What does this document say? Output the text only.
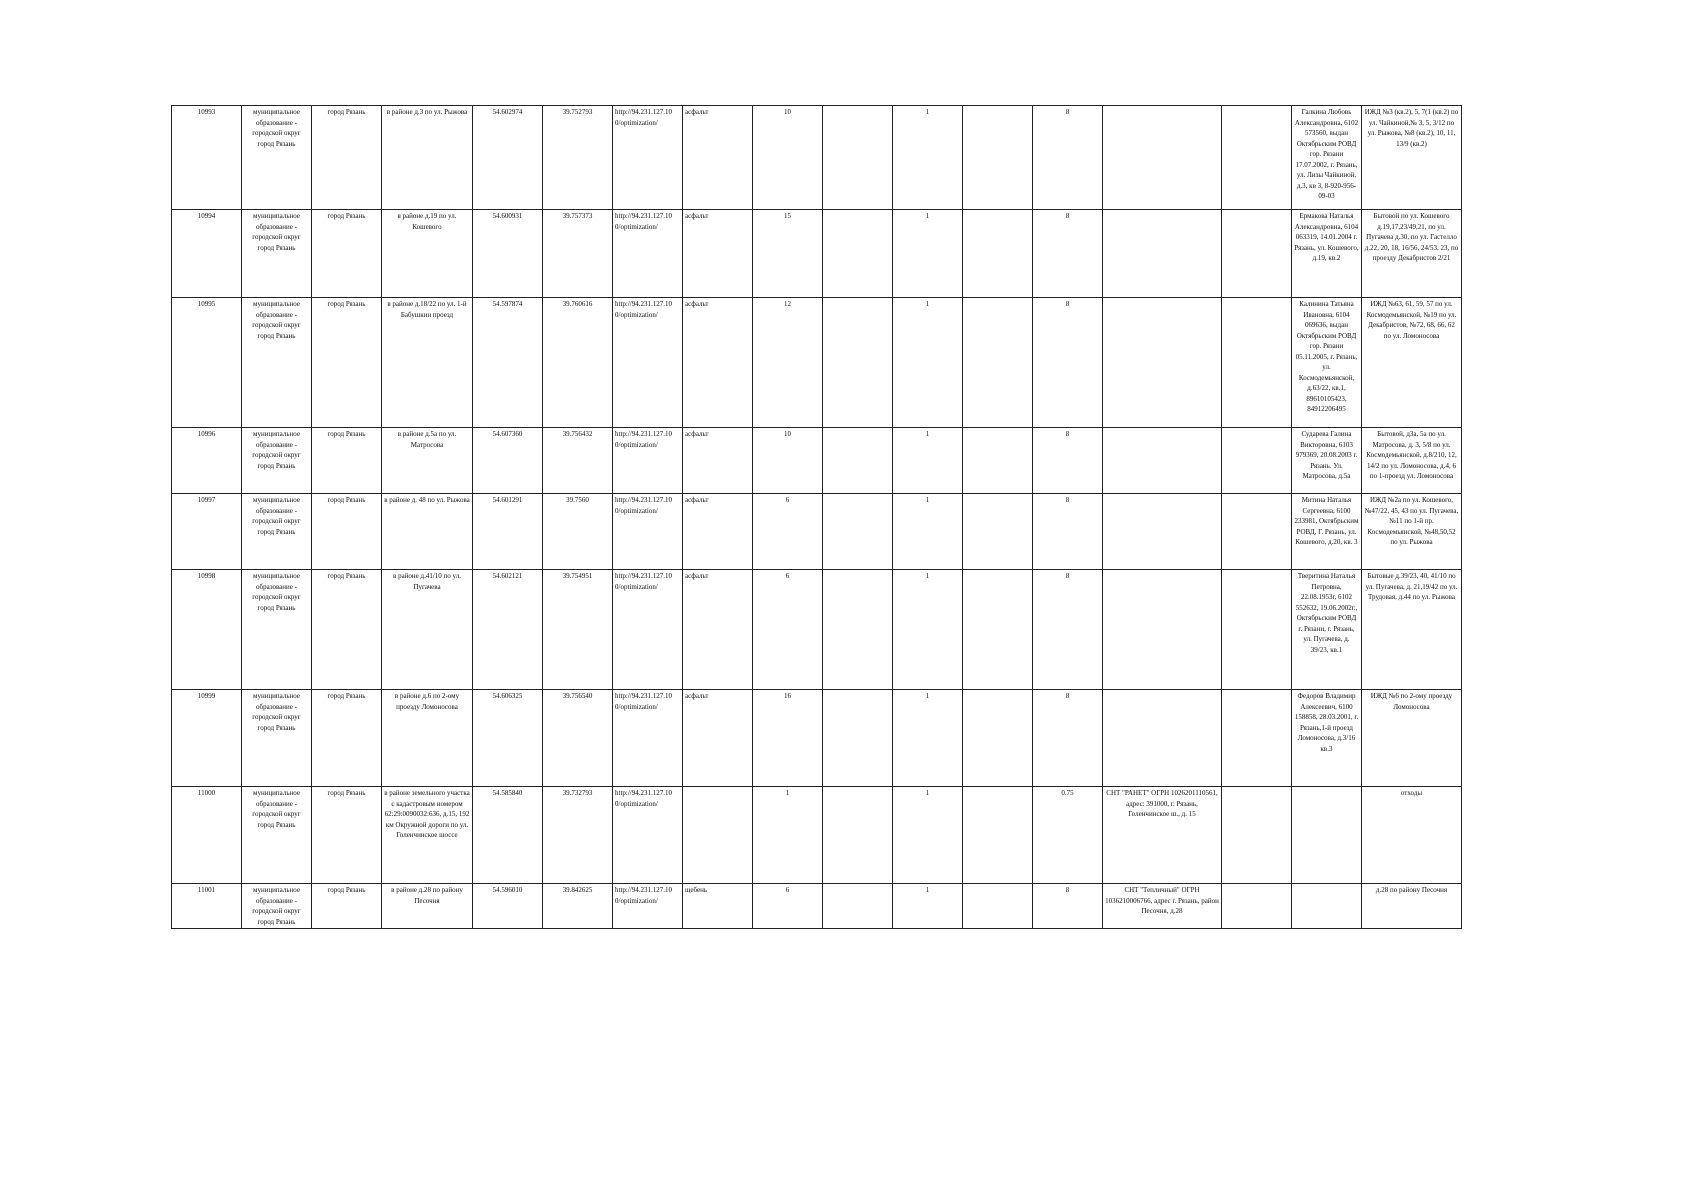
10993	муниципальное образование - городской округ город Рязань	город Рязань	в районе д.3 по ул. Рыжова	54.602974	39.752793	http://94.231.127.10 0/optimization/	асфальт	10		1		8			Галкина Любовь Александровна, 6102 573560, выдан Октябрьским РОВД гор. Рязани 17.07.2002, г. Рязань, ул. Лизы Чайкиной, д.3, кв 3, 8-920-956-09-03	ИЖД №3 (кв.2), 5, 7(1 (кв.2) по ул. Чайкиной,№ 3, 5, 3/12 по ул. Рыжова, №8 (кв.2), 10, 11, 13/9 (кв.2)
10994	муниципальное образование - городской округ город Рязань	город Рязань	в районе д.19 по ул. Кошевого	54.600931	39.757373	http://94.231.127.10 0/optimization/	асфальт	15		1		8			Ермакова Наталья Александровна, 6104 063319, 14.01.2004 г. Рязань, ул. Кошевого, д.19, кв.2	Бытовой по ул. Кошевого д.19,17,23/49,21, по ул. Пугачева д.30, по ул. Гастелло д.22, 20, 18, 16/56, 24/53, 23, по проезду Декабристов 2/21
10995	муниципальное образование - городской округ город Рязань	город Рязань	в районе д.18/22 по ул. 1-й Бабушкин проезд	54.597874	39.760616	http://94.231.127.10 0/optimization/	асфальт	12		1		8			Калинина Татьяна Ивановна, 6104 069636, выдан Октябрьским РОВД гор. Рязани 05.11.2005, г. Рязань, ул. Космодемьянской, д.63/22, кв.1, 89610105423, 84912206495	ИЖД №63, 61, 59, 57 по ул. Космодемьянской, №19 по ул. Декабристов, №72, 68, 66, 62 по ул. Ломоносова
10996	муниципальное образование - городской округ город Рязань	город Рязань	в районе д.5а по ул. Матросова	54.607360	39.756432	http://94.231.127.10 0/optimization/	асфальт	10		1		8			Сударева Галина Викторовна, 6103 979369, 20.08.2003 г. Рязань. Ул. Матросова, д.5а	Бытовой, д3а, 5а по ул. Матросова, д. 3, 5/8 по ул. Космодемьянской, д.8/210, 12, 14/2 по ул. Ломоносова, д.4, 6 по 1-проезд ул. Ломоносова
10997	муниципальное образование - городской округ город Рязань	город Рязань	в районе д. 48 по ул. Рыжова	54.601291	39.7560	http://94.231.127.10 0/optimization/	асфальт	6		1		8			Митина Наталья Сергеевна, 6100 233981, Октябрьским РОВД, Г. Рязань, ул. Кошевого, д.20, кв. 3	ИЖД №2а по ул. Кошевого, №47/22, 45, 43 по ул. Пугачева, №11 по 1-й пр. Космодемьянской, №48,50,52 по ул. Рыжова
10998	муниципальное образование - городской округ город Рязань	город Рязань	в районе д.41/10 по ул. Пугачева	54.602121	39.754951	http://94.231.127.10 0/optimization/	асфальт	6		1		8			Тверитина Наталья Петровна, 22.08.1953г, 6102 552632, 19.06.2002г., Октябрьским РОВД г. Рязани, г. Рязань, ул. Пугачева, д. 39/23, кв.1	Бытовые д.39/23, 40, 41/10 по ул. Пугачева, д. 21,19/42 по ул. Трудовая, д.44 по ул. Рыжова
10999	муниципальное образование - городской округ город Рязань	город Рязань	в районе д.6 по 2-ому проезду Ломоносова	54.606325	39.756540	http://94.231.127.10 0/optimization/	асфальт	16		1		8			Федоров Владимир Алексеевич, 6100 158858, 28.03.2001, г. Рязань,1-й проезд Ломоносова, д.3/16 кв.3	ИЖД №6 по 2-ому проезду Ломоносова
11000	муниципальное образование - городской округ город Рязань	город Рязань	в районе земельного участка с кадастровым номером 62:29:0090032:636, д.15, 192 км Окружной дороги по ул. Голенчинское шоссе	54.585840	39.732793	http://94.231.127.10 0/optimization/		1		1		0.75	СНТ "РАНЕТ" ОГРН 1026201110561, адрес: 391000, г. Рязань, Голенчинское ш., д. 15			отходы
11001	муниципальное образование - городской округ город Рязань	город Рязань	в районе д.28 по району Песочня	54.596010	39.842625	http://94.231.127.10 0/optimization/	щебень	6		1		8	СНТ "Тепличный" ОГРН 1036210006766, адрес г. Рязань, район Песочня, д.28			д.28 по району Песочня
